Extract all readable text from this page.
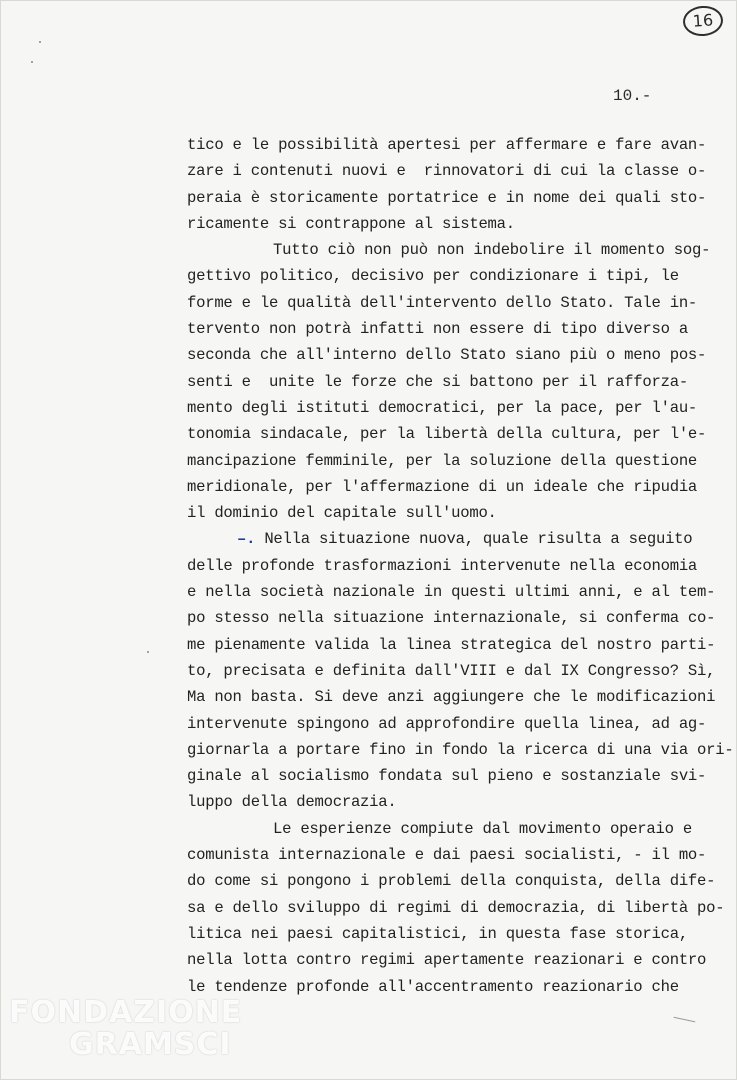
16
10.-
tico e le possibilità apertesi per affermare e fare avan-
zare i contenuti nuovi e  rinnovatori di cui la classe o-
peraia è storicamente portatrice e in nome dei quali sto-
ricamente si contrappone al sistema.
Tutto ciò non può non indebolire il momento sog-
gettivo politico, decisivo per condizionare i tipi, le
forme e le qualità dell'intervento dello Stato. Tale in-
tervento non potrà infatti non essere di tipo diverso a
seconda che all'interno dello Stato siano più o meno pos-
senti e  unite le forze che si battono per il rafforza-
mento degli istituti democratici, per la pace, per l'au-
tonomia sindacale, per la libertà della cultura, per l'e-
mancipazione femminile, per la soluzione della questione
meridionale, per l'affermazione di un ideale che ripudia
il dominio del capitale sull'uomo.
–. Nella situazione nuova, quale risulta a seguito
delle profonde trasformazioni intervenute nella economia
e nella società nazionale in questi ultimi anni, e al tem-
po stesso nella situazione internazionale, si conferma co-
me pienamente valida la linea strategica del nostro parti-
to, precisata e definita dall'VIII e dal IX Congresso? Sì,
Ma non basta. Si deve anzi aggiungere che le modificazioni
intervenute spingono ad approfondire quella linea, ad ag-
giornarla a portare fino in fondo la ricerca di una via ori-
ginale al socialismo fondata sul pieno e sostanziale svi-
luppo della democrazia.
Le esperienze compiute dal movimento operaio e
comunista internazionale e dai paesi socialisti, - il mo-
do come si pongono i problemi della conquista, della dife-
sa e dello sviluppo di regimi di democrazia, di libertà po-
litica nei paesi capitalistici, in questa fase storica,
nella lotta contro regimi apertamente reazionari e contro
le tendenze profonde all'accentramento reazionario che
FONDAZIONE
GRAMSCI
